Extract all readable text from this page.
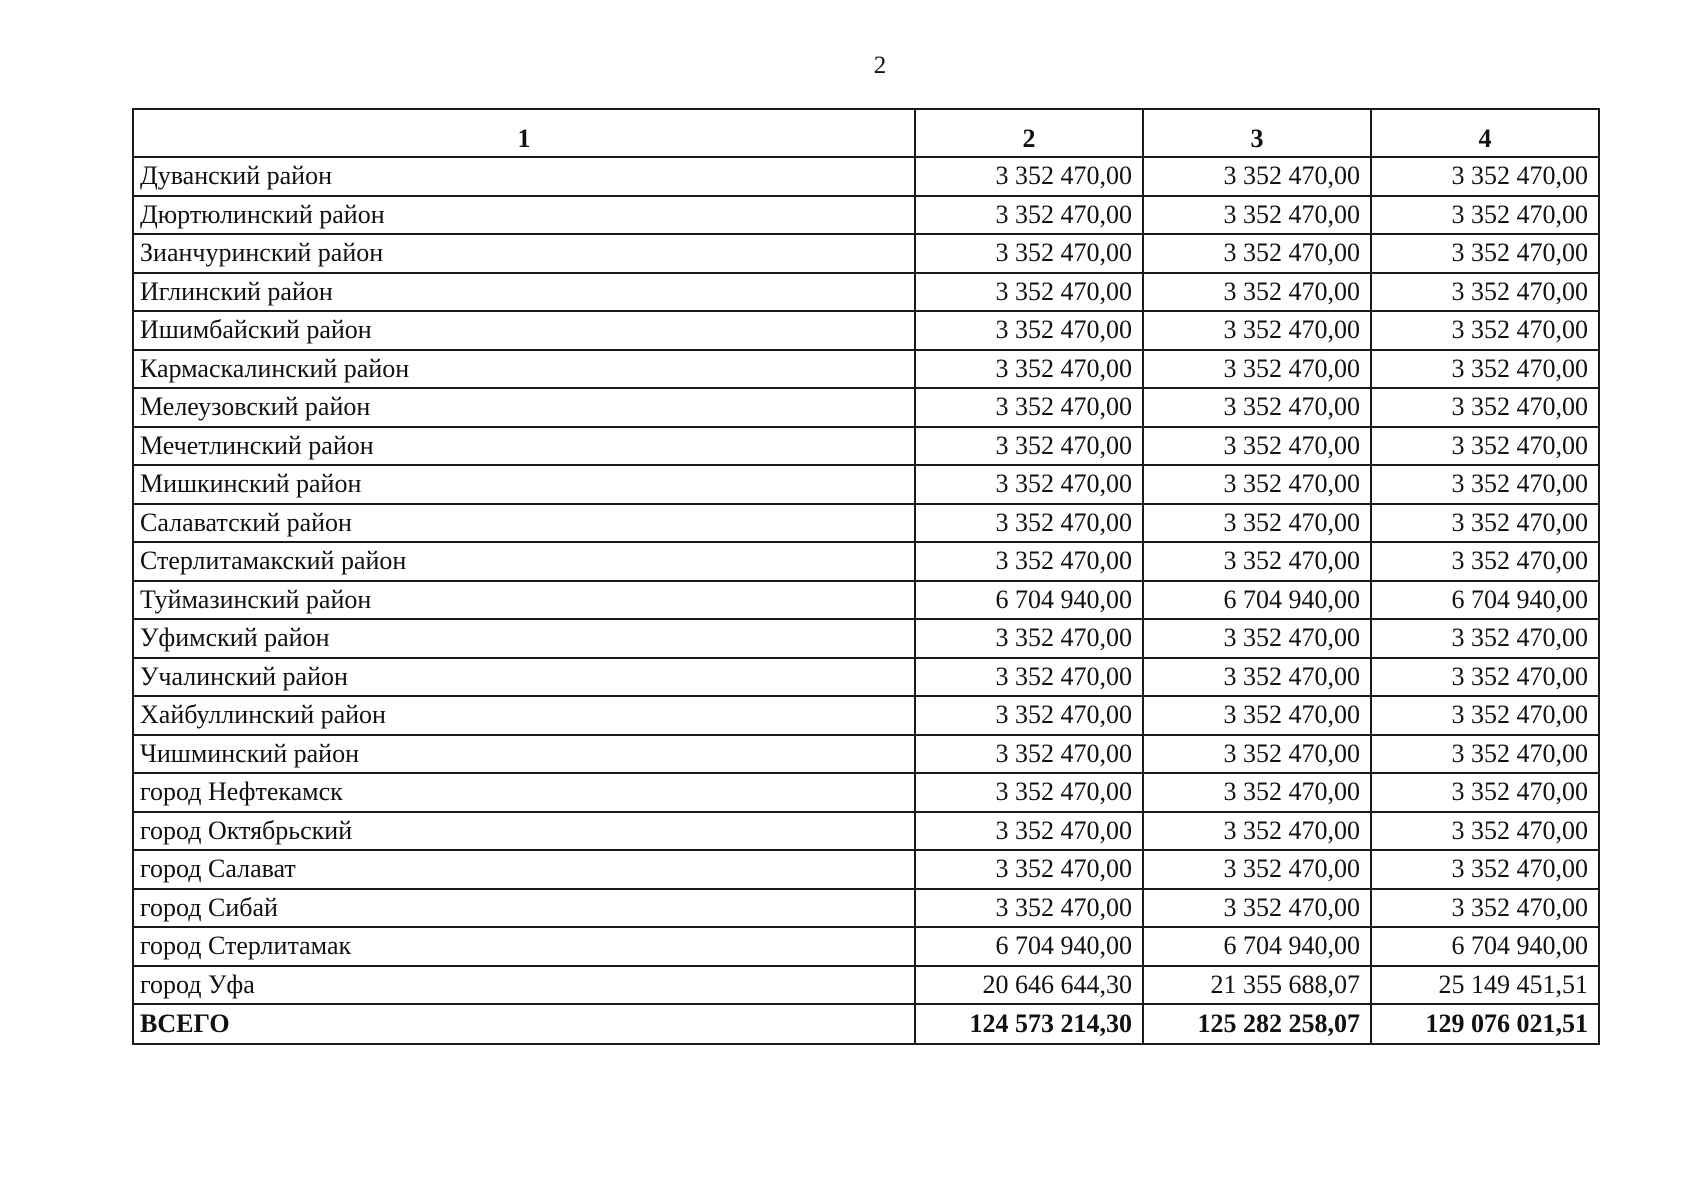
2
1	2	3	4
Дуванский район	3 352 470,00	3 352 470,00	3 352 470,00
Дюртюлинский район	3 352 470,00	3 352 470,00	3 352 470,00
Зианчуринский район	3 352 470,00	3 352 470,00	3 352 470,00
Иглинский район	3 352 470,00	3 352 470,00	3 352 470,00
Ишимбайский район	3 352 470,00	3 352 470,00	3 352 470,00
Кармаскалинский район	3 352 470,00	3 352 470,00	3 352 470,00
Мелеузовский район	3 352 470,00	3 352 470,00	3 352 470,00
Мечетлинский район	3 352 470,00	3 352 470,00	3 352 470,00
Мишкинский район	3 352 470,00	3 352 470,00	3 352 470,00
Салаватский район	3 352 470,00	3 352 470,00	3 352 470,00
Стерлитамакский район	3 352 470,00	3 352 470,00	3 352 470,00
Туймазинский район	6 704 940,00	6 704 940,00	6 704 940,00
Уфимский район	3 352 470,00	3 352 470,00	3 352 470,00
Учалинский район	3 352 470,00	3 352 470,00	3 352 470,00
Хайбуллинский район	3 352 470,00	3 352 470,00	3 352 470,00
Чишминский район	3 352 470,00	3 352 470,00	3 352 470,00
город Нефтекамск	3 352 470,00	3 352 470,00	3 352 470,00
город Октябрьский	3 352 470,00	3 352 470,00	3 352 470,00
город Салават	3 352 470,00	3 352 470,00	3 352 470,00
город Сибай	3 352 470,00	3 352 470,00	3 352 470,00
город Стерлитамак	6 704 940,00	6 704 940,00	6 704 940,00
город Уфа	20 646 644,30	21 355 688,07	25 149 451,51
ВСЕГО	124 573 214,30	125 282 258,07	129 076 021,51
